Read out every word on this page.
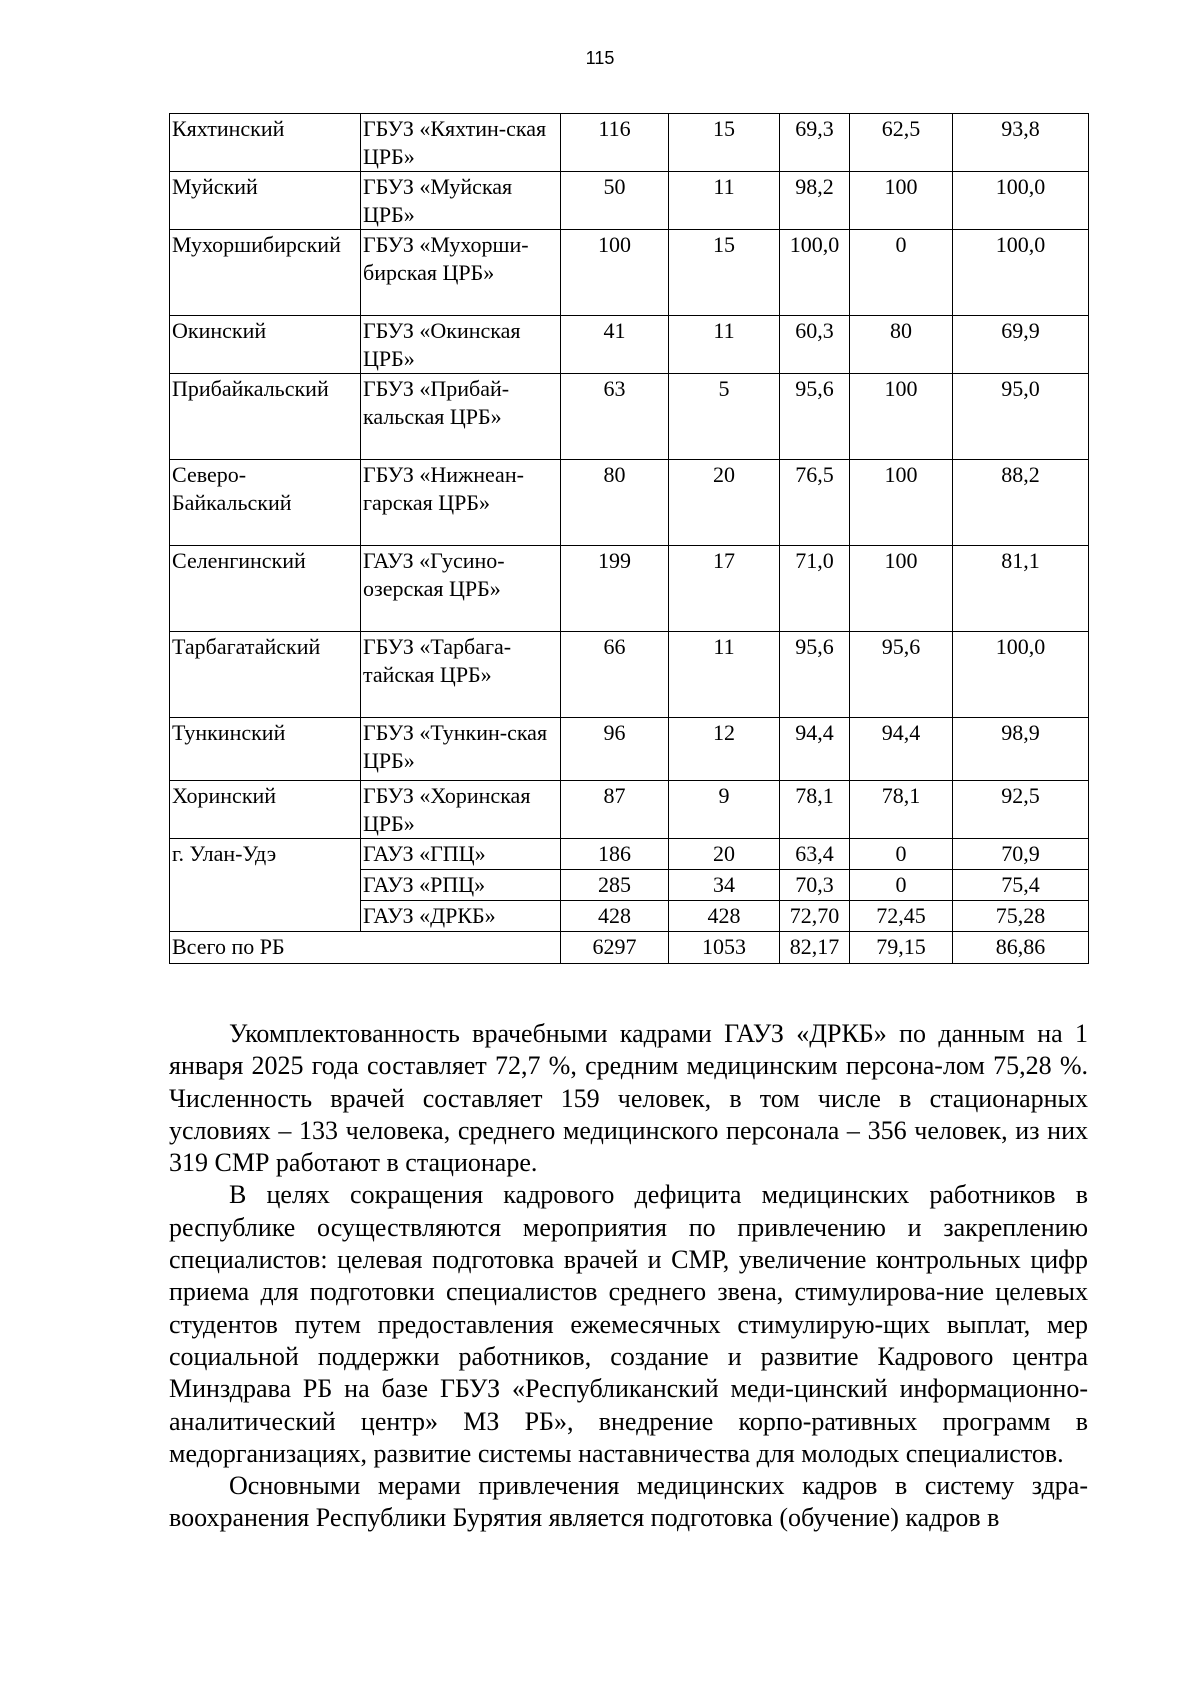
115
Кяхтинский	ГБУЗ «Кяхтин-ская ЦРБ»	116	15	69,3	62,5	93,8
Муйский	ГБУЗ «Муйская ЦРБ»	50	11	98,2	100	100,0
Мухоршибирский	ГБУЗ «Мухорши-бирская ЦРБ»	100	15	100,0	0	100,0
Окинский	ГБУЗ «Окинская ЦРБ»	41	11	60,3	80	69,9
Прибайкальский	ГБУЗ «Прибай-кальская ЦРБ»	63	5	95,6	100	95,0
Северо-Байкальский	ГБУЗ «Нижнеан-гарская ЦРБ»	80	20	76,5	100	88,2
Селенгинский	ГАУЗ «Гусино-озерская ЦРБ»	199	17	71,0	100	81,1
Тарбагатайский	ГБУЗ «Тарбага-тайская ЦРБ»	66	11	95,6	95,6	100,0
Тункинский	ГБУЗ «Тункин-ская ЦРБ»	96	12	94,4	94,4	98,9
Хоринский	ГБУЗ «Хоринская ЦРБ»	87	9	78,1	78,1	92,5
г. Улан-Удэ	ГАУЗ «ГПЦ»	186	20	63,4	0	70,9
	ГАУЗ «РПЦ»	285	34	70,3	0	75,4
	ГАУЗ «ДРКБ»	428	428	72,70	72,45	75,28
Всего по РБ		6297	1053	82,17	79,15	86,86

Укомплектованность врачебными кадрами ГАУЗ «ДРКБ» по данным на 1 января 2025 года составляет 72,7 %, средним медицинским персона-лом 75,28 %. Численность врачей составляет 159 человек, в том числе в стационарных условиях – 133 человека, среднего медицинского персонала – 356 человек, из них 319 СМР работают в стационаре.

В целях сокращения кадрового дефицита медицинских работников в республике осуществляются мероприятия по привлечению и закреплению специалистов: целевая подготовка врачей и СМР, увеличение контрольных цифр приема для подготовки специалистов среднего звена, стимулирова-ние целевых студентов путем предоставления ежемесячных стимулирую-щих выплат, мер социальной поддержки работников, создание и развитие Кадрового центра Минздрава РБ на базе ГБУЗ «Республиканский меди-цинский информационно-аналитический центр» МЗ РБ», внедрение корпо-ративных программ в медорганизациях, развитие системы наставничества для молодых специалистов.

Основными мерами привлечения медицинских кадров в систему здра-воохранения Республики Бурятия является подготовка (обучение) кадров в
